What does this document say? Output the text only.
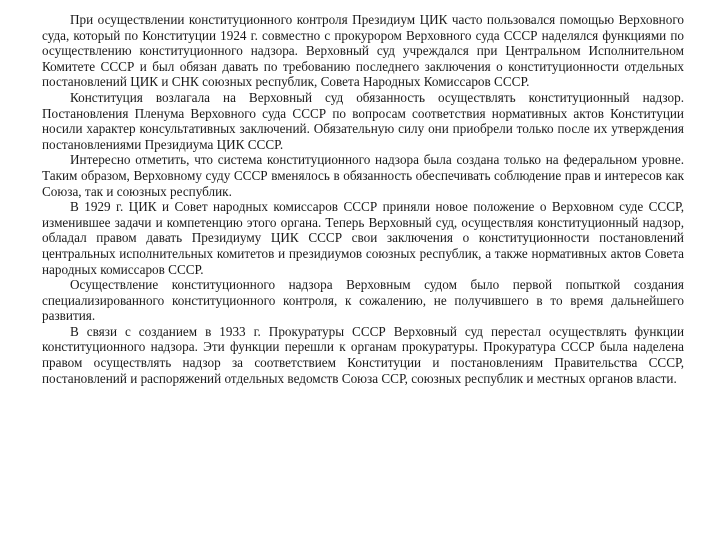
При осуществлении конституционного контроля Президиум ЦИК часто пользовался помощью Верховного суда, который по Конституции 1924 г. совместно с прокурором Верховного суда СССР наделялся функциями по осуществлению конституционного надзора. Верховный суд учреждался при Центральном Исполнительном Комитете СССР и был обязан давать по требованию последнего заключения о конституционности отдельных постановлений ЦИК и СНК союзных республик, Совета Народных Комиссаров СССР.

Конституция возлагала на Верховный суд обязанность осуществлять конституционный надзор. Постановления Пленума Верховного суда СССР по вопросам соответствия нормативных актов Конституции носили характер консультативных заключений. Обязательную силу они приобрели только после их утверждения постановлениями Президиума ЦИК СССР.

Интересно отметить, что система конституционного надзора была создана только на федеральном уровне. Таким образом, Верховному суду СССР вменялось в обязанность обеспечивать соблюдение прав и интересов как Союза, так и союзных республик.

В 1929 г. ЦИК и Совет народных комиссаров СССР приняли новое положение о Верховном суде СССР, изменившее задачи и компетенцию этого органа. Теперь Верховный суд, осуществляя конституционный надзор, обладал правом давать Президиуму ЦИК СССР свои заключения о конституционности постановлений центральных исполнительных комитетов и президиумов союзных республик, а также нормативных актов Совета народных комиссаров СССР.

Осуществление конституционного надзора Верховным судом было первой попыткой создания специализированного конституционного контроля, к сожалению, не получившего в то время дальнейшего развития.

В связи с созданием в 1933 г. Прокуратуры СССР Верховный суд перестал осуществлять функции конституционного надзора. Эти функции перешли к органам прокуратуры. Прокуратура СССР была наделена правом осуществлять надзор за соответствием Конституции и постановлениям Правительства СССР, постановлений и распоряжений отдельных ведомств Союза ССР, союзных республик и местных органов власти.
